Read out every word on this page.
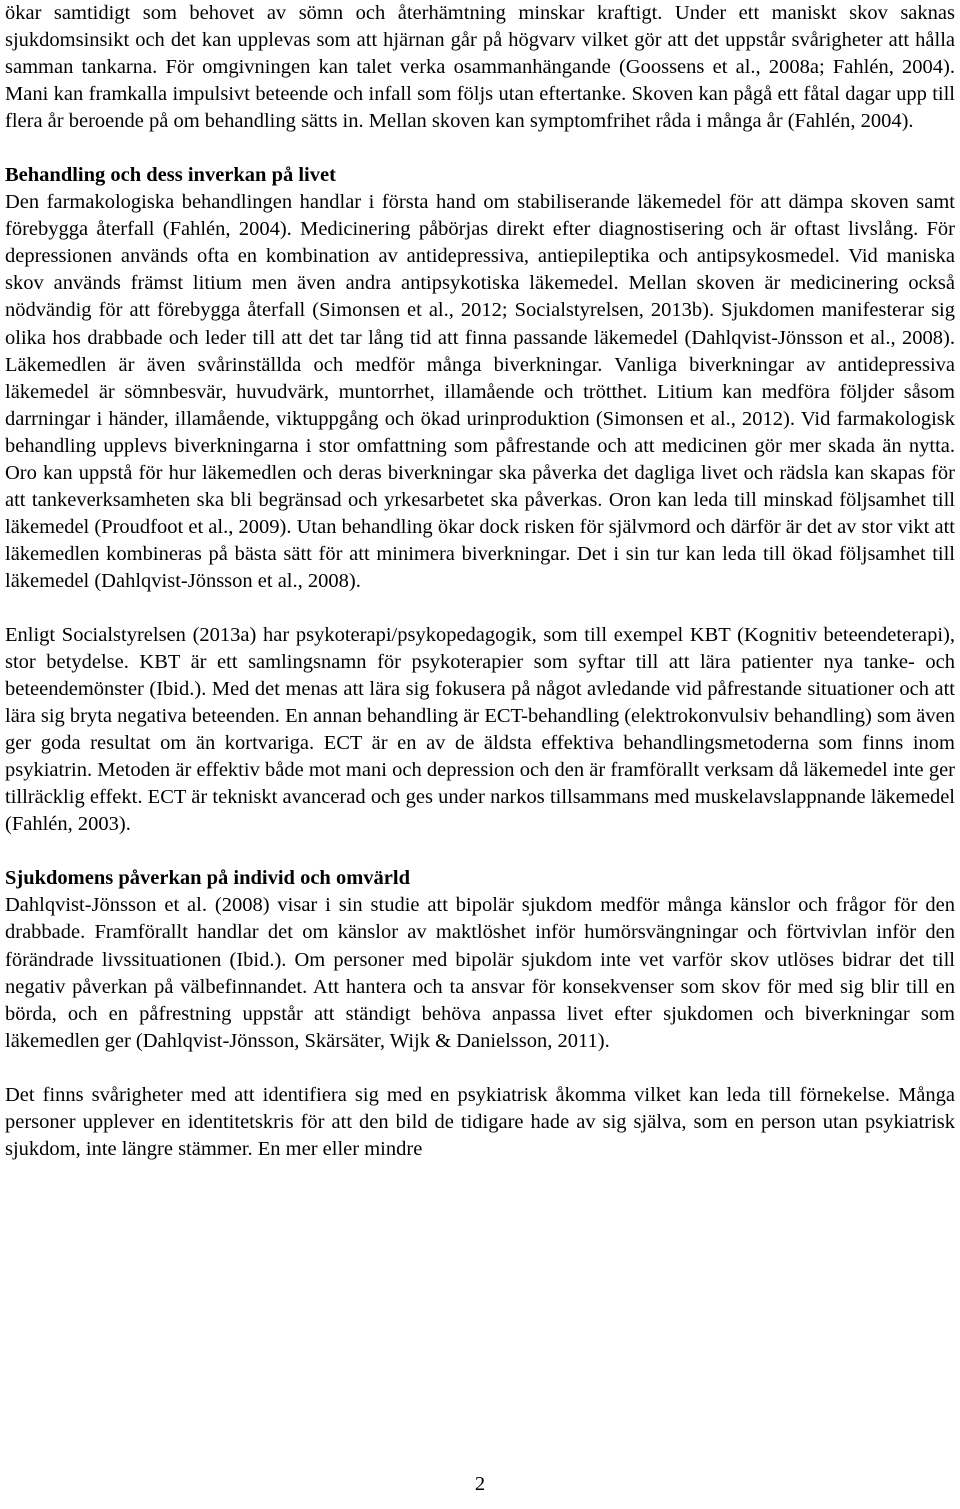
ökar samtidigt som behovet av sömn och återhämtning minskar kraftigt. Under ett maniskt skov saknas sjukdomsinsikt och det kan upplevas som att hjärnan går på högvarv vilket gör att det uppstår svårigheter att hålla samman tankarna. För omgivningen kan talet verka osammanhängande (Goossens et al., 2008a; Fahlén, 2004). Mani kan framkalla impulsivt beteende och infall som följs utan eftertanke. Skoven kan pågå ett fåtal dagar upp till flera år beroende på om behandling sätts in. Mellan skoven kan symptomfrihet råda i många år (Fahlén, 2004).

Behandling och dess inverkan på livet

Den farmakologiska behandlingen handlar i första hand om stabiliserande läkemedel för att dämpa skoven samt förebygga återfall (Fahlén, 2004). Medicinering påbörjas direkt efter diagnostisering och är oftast livslång. För depressionen används ofta en kombination av antidepressiva, antiepileptika och antipsykosmedel. Vid maniska skov används främst litium men även andra antipsykotiska läkemedel. Mellan skoven är medicinering också nödvändig för att förebygga återfall (Simonsen et al., 2012; Socialstyrelsen, 2013b). Sjukdomen manifesterar sig olika hos drabbade och leder till att det tar lång tid att finna passande läkemedel (Dahlqvist-Jönsson et al., 2008). Läkemedlen är även svårinställda och medför många biverkningar. Vanliga biverkningar av antidepressiva läkemedel är sömnbesvär, huvudvärk, muntorrhet, illamående och trötthet. Litium kan medföra följder såsom darrningar i händer, illamående, viktuppgång och ökad urinproduktion (Simonsen et al., 2012). Vid farmakologisk behandling upplevs biverkningarna i stor omfattning som påfrestande och att medicinen gör mer skada än nytta. Oro kan uppstå för hur läkemedlen och deras biverkningar ska påverka det dagliga livet och rädsla kan skapas för att tankeverksamheten ska bli begränsad och yrkesarbetet ska påverkas. Oron kan leda till minskad följsamhet till läkemedel (Proudfoot et al., 2009). Utan behandling ökar dock risken för självmord och därför är det av stor vikt att läkemedlen kombineras på bästa sätt för att minimera biverkningar. Det i sin tur kan leda till ökad följsamhet till läkemedel (Dahlqvist-Jönsson et al., 2008).

Enligt Socialstyrelsen (2013a) har psykoterapi/psykopedagogik, som till exempel KBT (Kognitiv beteendeterapi), stor betydelse. KBT är ett samlingsnamn för psykoterapier som syftar till att lära patienter nya tanke- och beteendemönster (Ibid.). Med det menas att lära sig fokusera på något avledande vid påfrestande situationer och att lära sig bryta negativa beteenden. En annan behandling är ECT-behandling (elektrokonvulsiv behandling) som även ger goda resultat om än kortvariga. ECT är en av de äldsta effektiva behandlingsmetoderna som finns inom psykiatrin. Metoden är effektiv både mot mani och depression och den är framförallt verksam då läkemedel inte ger tillräcklig effekt. ECT är tekniskt avancerad och ges under narkos tillsammans med muskelavslappnande läkemedel (Fahlén, 2003).

Sjukdomens påverkan på individ och omvärld

Dahlqvist-Jönsson et al. (2008) visar i sin studie att bipolär sjukdom medför många känslor och frågor för den drabbade. Framförallt handlar det om känslor av maktlöshet inför humörsvängningar och förtvivlan inför den förändrade livssituationen (Ibid.). Om personer med bipolär sjukdom inte vet varför skov utlöses bidrar det till negativ påverkan på välbefinnandet. Att hantera och ta ansvar för konsekvenser som skov för med sig blir till en börda, och en påfrestning uppstår att ständigt behöva anpassa livet efter sjukdomen och biverkningar som läkemedlen ger (Dahlqvist-Jönsson, Skärsäter, Wijk & Danielsson, 2011).

Det finns svårigheter med att identifiera sig med en psykiatrisk åkomma vilket kan leda till förnekelse. Många personer upplever en identitetskris för att den bild de tidigare hade av sig själva, som en person utan psykiatrisk sjukdom, inte längre stämmer. En mer eller mindre

2
